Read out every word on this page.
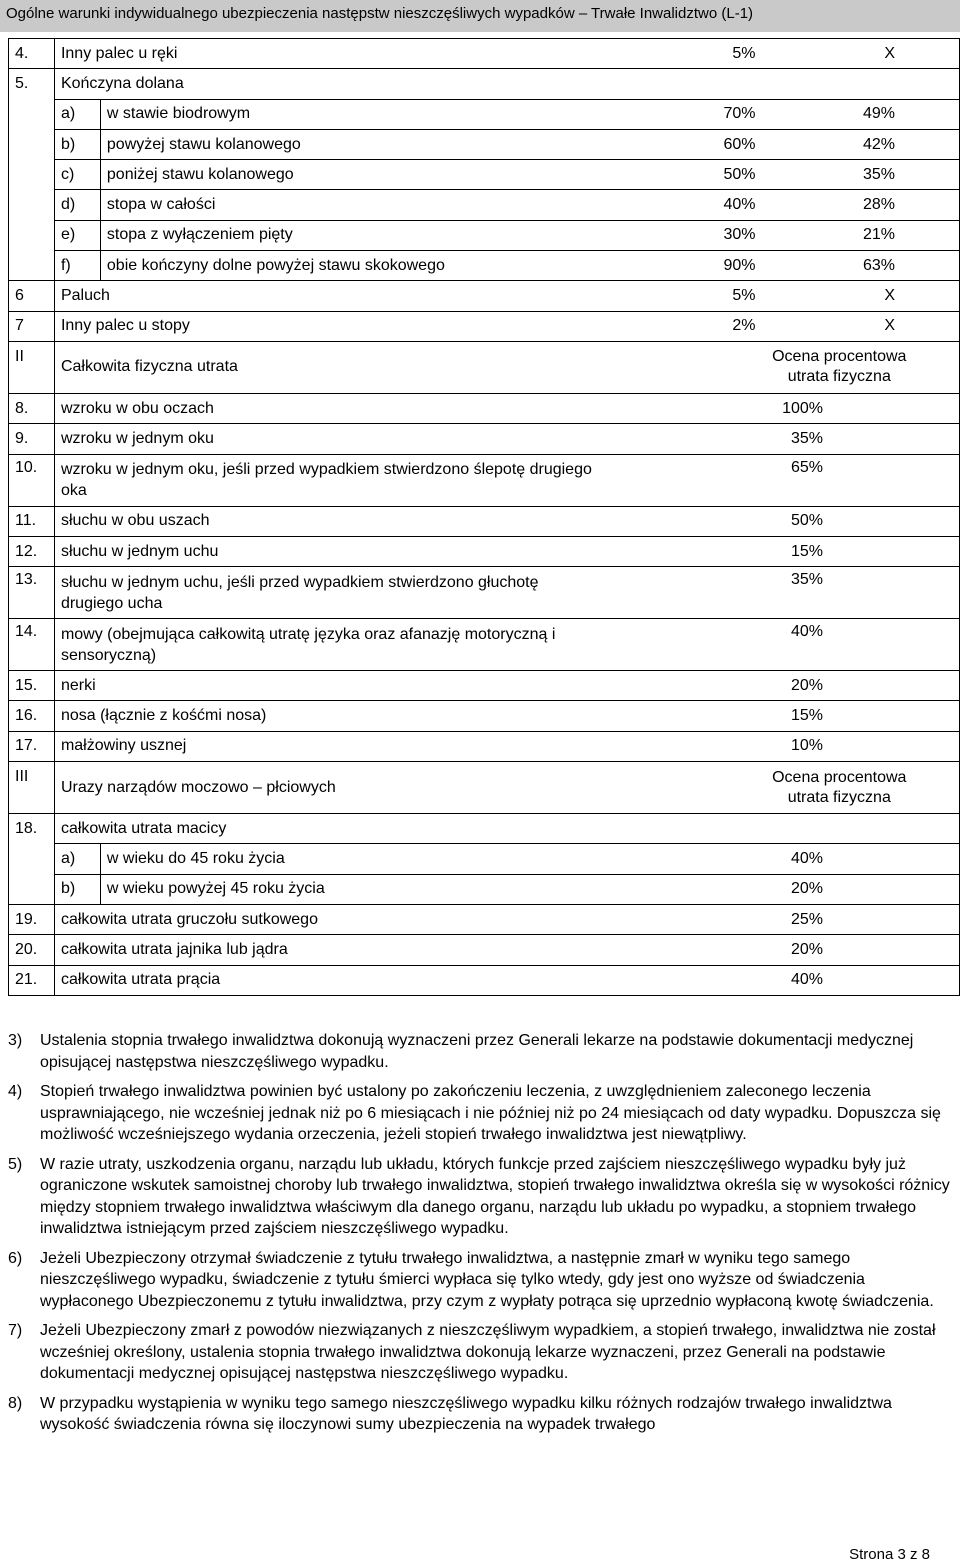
Ogólne warunki indywidualnego ubezpieczenia następstw nieszczęśliwych wypadków – Trwałe Inwalidztwo (L-1)
4.	Inny palec u ręki		5%	X
5.	Kończyna dolana			
	a)	w stawie biodrowym	70%	49%
	b)	powyżej stawu kolanowego	60%	42%
	c)	poniżej stawu kolanowego	50%	35%
	d)	stopa w całości	40%	28%
	e)	stopa z wyłączeniem pięty	30%	21%
	f)	obie kończyny dolne powyżej stawu skokowego	90%	63%
6	Paluch		5%	X
7	Inny palec u stopy		2%	X
II	Całkowita fizyczna utrata			Ocena procentowa utrata fizyczna
8.	wzroku w obu oczach			100%
9.	wzroku w jednym oku			35%
10.	wzroku w jednym oku, jeśli przed wypadkiem stwierdzono ślepotę drugiego oka			65%
11.	słuchu w obu uszach			50%
12.	słuchu w jednym uchu			15%
13.	słuchu w jednym uchu, jeśli przed wypadkiem stwierdzono głuchotę drugiego ucha			35%
14.	mowy (obejmująca całkowitą utratę języka oraz afanazję motoryczną i sensoryczną)			40%
15.	nerki			20%
16.	nosa (łącznie z kośćmi nosa)			15%
17.	małżowiny usznej			10%
III	Urazy narządów moczowo – płciowych			Ocena procentowa utrata fizyczna
18.	całkowita utrata macicy			
	a)	w wieku do 45 roku życia		40%
	b)	w wieku powyżej 45 roku życia		20%
19.	całkowita utrata gruczołu sutkowego			25%
20.	całkowita utrata jajnika lub jądra			20%
21.	całkowita utrata prącia			40%
3)	Ustalenia stopnia trwałego inwalidztwa dokonują wyznaczeni przez Generali lekarze na podstawie dokumentacji medycznej opisującej następstwa nieszczęśliwego wypadku.
4)	Stopień trwałego inwalidztwa powinien być ustalony po zakończeniu leczenia, z uwzględnieniem zaleconego leczenia usprawniającego, nie wcześniej jednak niż po 6 miesiącach i nie później niż po 24 miesiącach od daty wypadku. Dopuszcza się możliwość wcześniejszego wydania orzeczenia, jeżeli stopień trwałego inwalidztwa jest niewątpliwy.
5)	W razie utraty, uszkodzenia organu, narządu lub układu, których funkcje przed zajściem nieszczęśliwego wypadku były już ograniczone wskutek samoistnej choroby lub trwałego inwalidztwa, stopień trwałego inwalidztwa określa się w wysokości różnicy między stopniem trwałego inwalidztwa właściwym dla danego organu, narządu lub układu po wypadku, a stopniem trwałego inwalidztwa istniejącym przed zajściem nieszczęśliwego wypadku.
6)	Jeżeli Ubezpieczony otrzymał świadczenie z tytułu trwałego inwalidztwa, a następnie zmarł w wyniku tego samego nieszczęśliwego wypadku, świadczenie z tytułu śmierci wypłaca się tylko wtedy, gdy jest ono wyższe od świadczenia wypłaconego Ubezpieczonemu z tytułu inwalidztwa, przy czym z wypłaty potrąca się uprzednio wypłaconą kwotę świadczenia.
7)	Jeżeli Ubezpieczony zmarł z powodów niezwiązanych z nieszczęśliwym wypadkiem, a stopień trwałego, inwalidztwa nie został wcześniej określony, ustalenia stopnia trwałego inwalidztwa dokonują lekarze wyznaczeni, przez Generali na podstawie dokumentacji medycznej opisującej następstwa nieszczęśliwego wypadku.
8)	W przypadku wystąpienia w wyniku tego samego nieszczęśliwego wypadku kilku różnych rodzajów trwałego inwalidztwa wysokość świadczenia równa się iloczynowi sumy ubezpieczenia na wypadek trwałego
Strona 3 z 8
